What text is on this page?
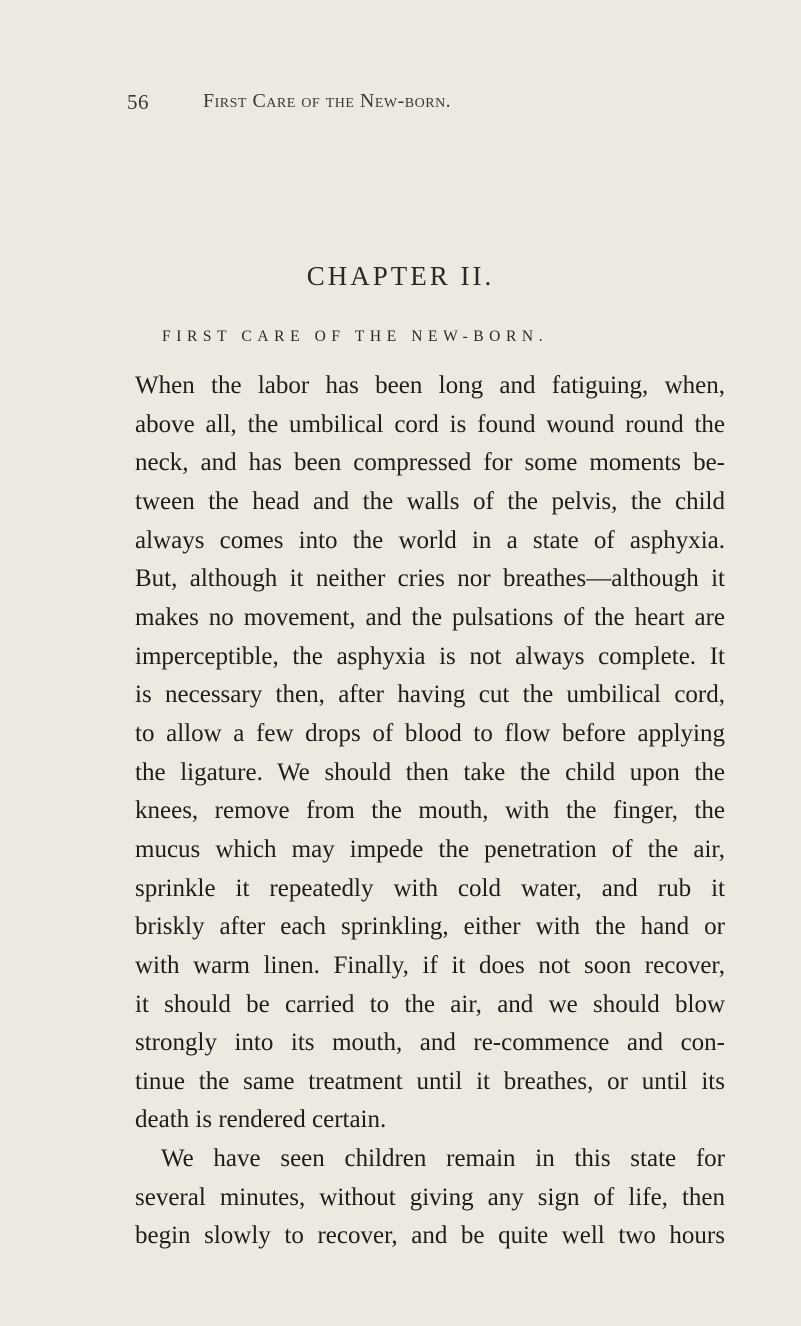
56	First Care of the New-born.
CHAPTER II.
FIRST CARE OF THE NEW-BORN.
When the labor has been long and fatiguing, when,
above all, the umbilical cord is found wound round the
neck, and has been compressed for some moments be-
tween the head and the walls of the pelvis, the child
always comes into the world in a state of asphyxia.
But, although it neither cries nor breathes—although it
makes no movement, and the pulsations of the heart are
imperceptible, the asphyxia is not always complete. It
is necessary then, after having cut the umbilical cord,
to allow a few drops of blood to flow before applying
the ligature. We should then take the child upon the
knees, remove from the mouth, with the finger, the
mucus which may impede the penetration of the air,
sprinkle it repeatedly with cold water, and rub it
briskly after each sprinkling, either with the hand or
with warm linen. Finally, if it does not soon recover,
it should be carried to the air, and we should blow
strongly into its mouth, and re-commence and con-
tinue the same treatment until it breathes, or until its
death is rendered certain.
We have seen children remain in this state for
several minutes, without giving any sign of life, then
begin slowly to recover, and be quite well two hours
